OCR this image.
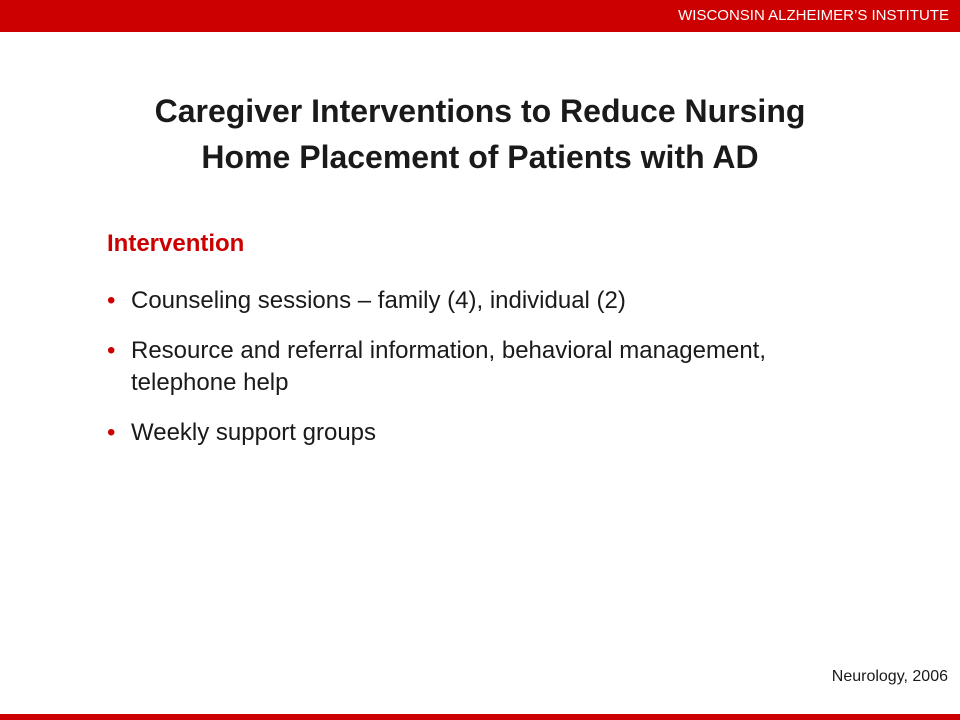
WISCONSIN ALZHEIMER’S INSTITUTE
Caregiver Interventions to Reduce Nursing
Home Placement of Patients with AD
Intervention
• Counseling sessions – family (4), individual (2)
• Resource and referral information, behavioral management, telephone help
• Weekly support groups

Neurology, 2006
